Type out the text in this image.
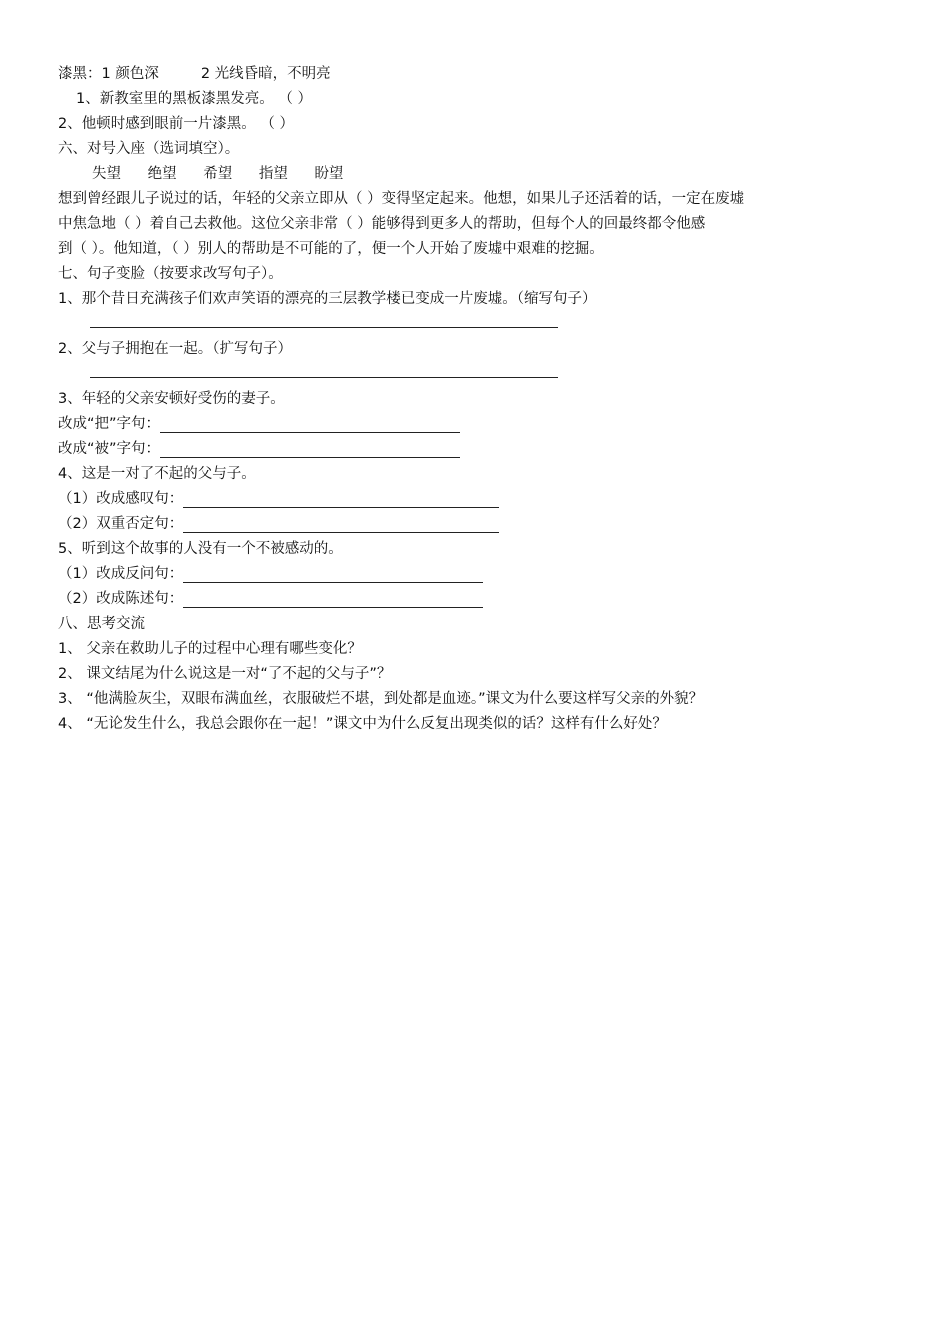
漆黑：1 颜色深	2 光线昏暗，不明亮
1、新教室里的黑板漆黑发亮。 （ ）
2、他顿时感到眼前一片漆黑。 （ ）
六、对号入座（选词填空）。
失望 绝望 希望 指望 盼望
想到曾经跟儿子说过的话，年轻的父亲立即从（ ）变得坚定起来。他想，如果儿子还活着的话，一定在废墟
中焦急地（ ）着自己去救他。这位父亲非常（ ）能够得到更多人的帮助，但每个人的回最终都令他感
到（ ）。他知道，（ ）别人的帮助是不可能的了，便一个人开始了废墟中艰难的挖掘。
七、句子变脸（按要求改写句子）。
1、那个昔日充满孩子们欢声笑语的漂亮的三层教学楼已变成一片废墟。（缩写句子）
2、父与子拥抱在一起。（扩写句子）
3、年轻的父亲安顿好受伤的妻子。
改成“把”字句：
改成“被”字句：
4、这是一对了不起的父与子。
（1）改成感叹句：
（2）双重否定句：
5、听到这个故事的人没有一个不被感动的。
（1）改成反问句：
（2）改成陈述句：
八、思考交流
1、 父亲在救助儿子的过程中心理有哪些变化？
2、 课文结尾为什么说这是一对“了不起的父与子”？
3、 “他满脸灰尘，双眼布满血丝，衣服破烂不堪，到处都是血迹。”课文为什么要这样写父亲的外貌？
4、 “无论发生什么，我总会跟你在一起！”课文中为什么反复出现类似的话？这样有什么好处？
